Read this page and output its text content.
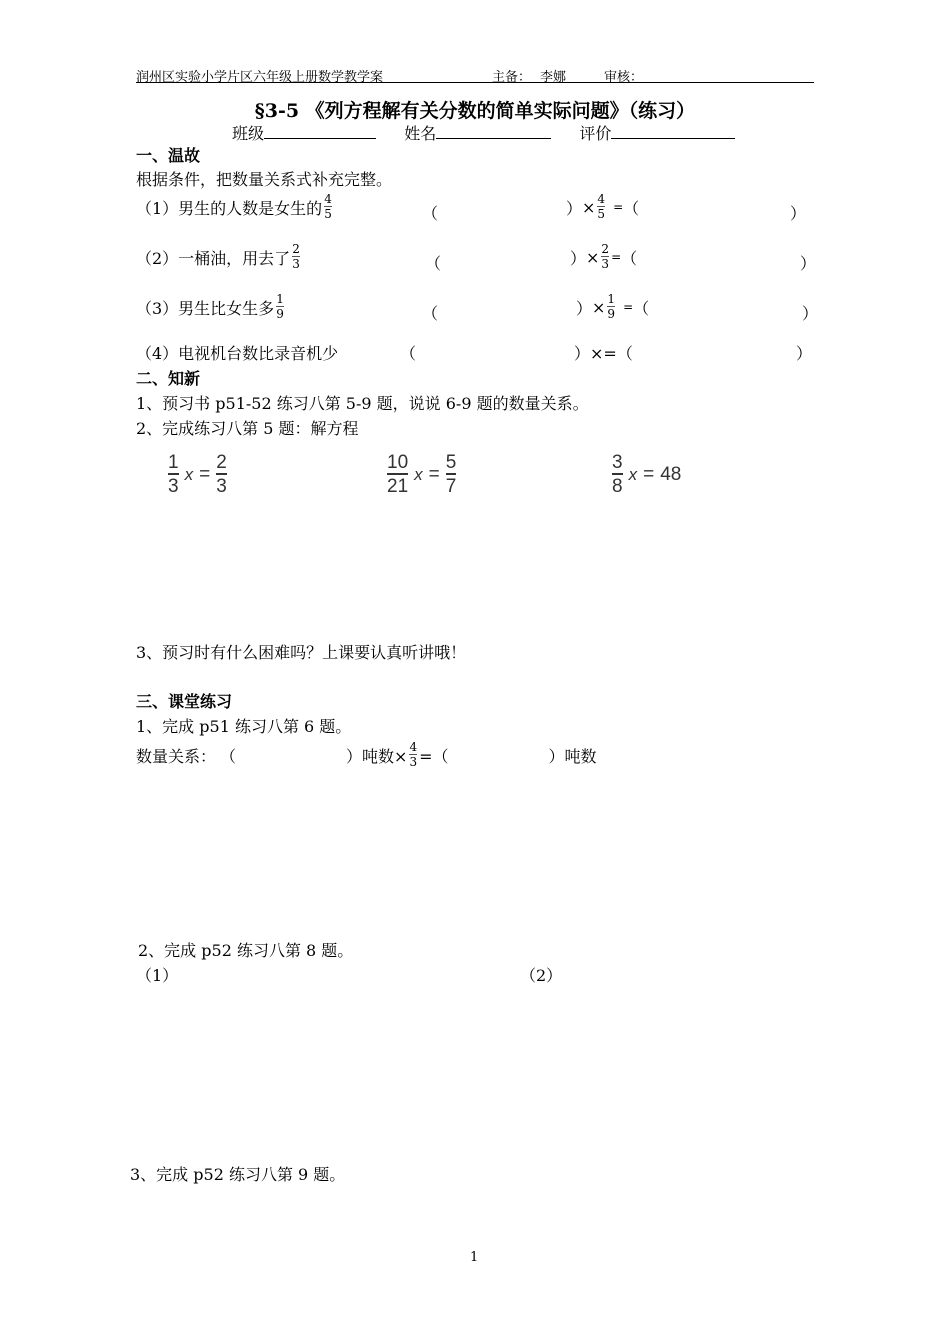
润州区实验小学片区六年级上册数学教学案	主备： 李娜	审核：
§3-5 《列方程解有关分数的简单实际问题》（练习）
班级	姓名	评价
一、温故
根据条件，把数量关系式补充完整。
（1）男生的人数是女生的 $\frac{4}{5}$	（	） × $\frac{4}{5}$ = （	）
（2）一桶油，用去了 $\frac{2}{3}$	（	） × $\frac{2}{3}$ = （	）
（3）男生比女生多 $\frac{1}{9}$	（	） × $\frac{1}{9}$ = （	）
（4）电视机台数比录音机少	（	）×=（	）
二、知新
1、预习书 p51-52 练习八第 5-9 题，说说 6-9 题的数量关系。
2、完成练习八第 5 题：解方程
$\frac{1}{3}$ $x = \frac{2}{3}$	$\frac{10}{21}$ $x = \frac{5}{7}$	$\frac{3}{8}$ x = 48
3、预习时有什么困难吗？上课要认真听讲哦！
三、课堂练习
1、完成 p51 练习八第 6 题。
数量关系： （	）吨数× $\frac{4}{3}$ =（	）吨数
2、完成 p52 练习八第 8 题。
（1）	（2）
3、完成 p52 练习八第 9 题。
1
